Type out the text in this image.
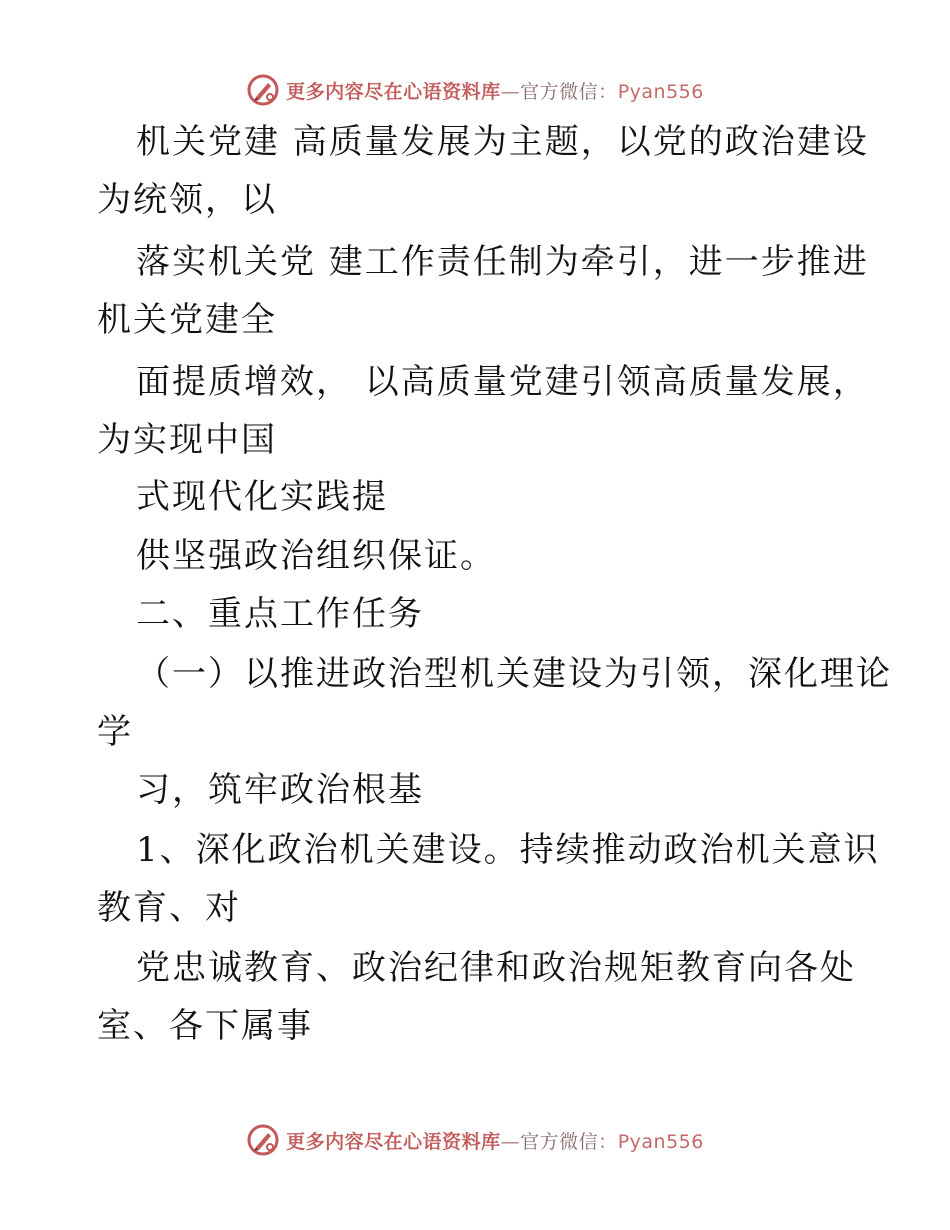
更多内容尽在心语资料库—官方微信：Pyan556
机关党建 高质量发展为主题，以党的政治建设
为统领，以
落实机关党 建工作责任制为牵引，进一步推进
机关党建全
面提质增效， 以高质量党建引领高质量发展，
为实现中国
式现代化实践提
供坚强政治组织保证。
二、重点工作任务
（一）以推进政治型机关建设为引领，深化理论
学
习，筑牢政治根基
1、深化政治机关建设。持续推动政治机关意识
教育、对
党忠诚教育、政治纪律和政治规矩教育向各处
室、各下属事
更多内容尽在心语资料库—官方微信：Pyan556
